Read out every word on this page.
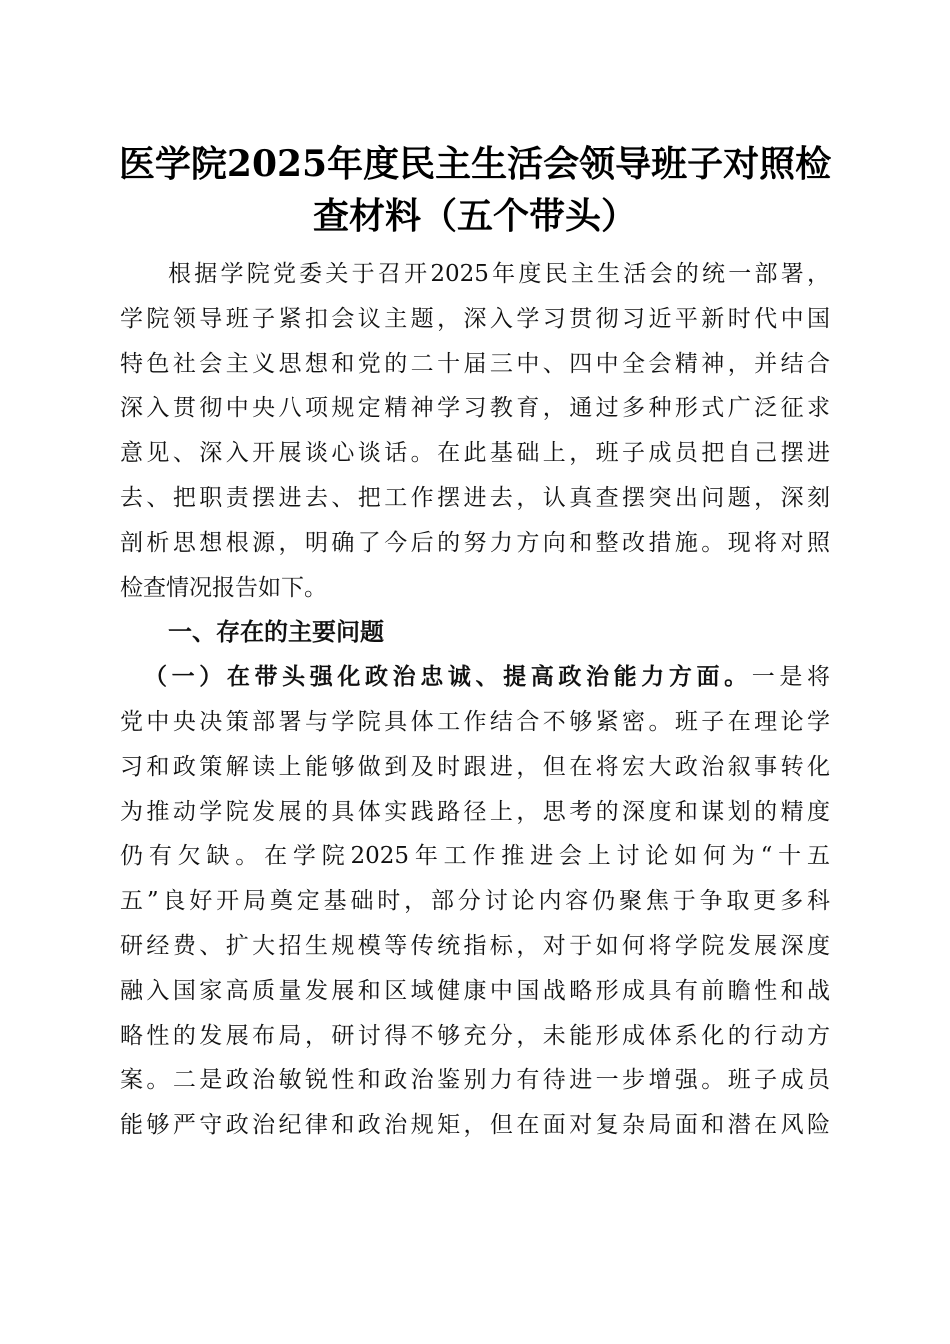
医学院2025年度民主生活会领导班子对照检
查材料（五个带头）
根据学院党委关于召开2025年度民主生活会的统一部署，
学院领导班子紧扣会议主题，深入学习贯彻习近平新时代中国
特色社会主义思想和党的二十届三中、四中全会精神，并结合
深入贯彻中央八项规定精神学习教育，通过多种形式广泛征求
意见、深入开展谈心谈话。在此基础上，班子成员把自己摆进
去、把职责摆进去、把工作摆进去，认真查摆突出问题，深刻
剖析思想根源，明确了今后的努力方向和整改措施。现将对照
检查情况报告如下。
一、存在的主要问题
（一）在带头强化政治忠诚、提高政治能力方面。一是将
党中央决策部署与学院具体工作结合不够紧密。班子在理论学
习和政策解读上能够做到及时跟进，但在将宏大政治叙事转化
为推动学院发展的具体实践路径上，思考的深度和谋划的精度
仍有欠缺。在学院2025年工作推进会上讨论如何为“十五
五”良好开局奠定基础时，部分讨论内容仍聚焦于争取更多科
研经费、扩大招生规模等传统指标，对于如何将学院发展深度
融入国家高质量发展和区域健康中国战略形成具有前瞻性和战
略性的发展布局，研讨得不够充分，未能形成体系化的行动方
案。二是政治敏锐性和政治鉴别力有待进一步增强。班子成员
能够严守政治纪律和政治规矩，但在面对复杂局面和潜在风险
